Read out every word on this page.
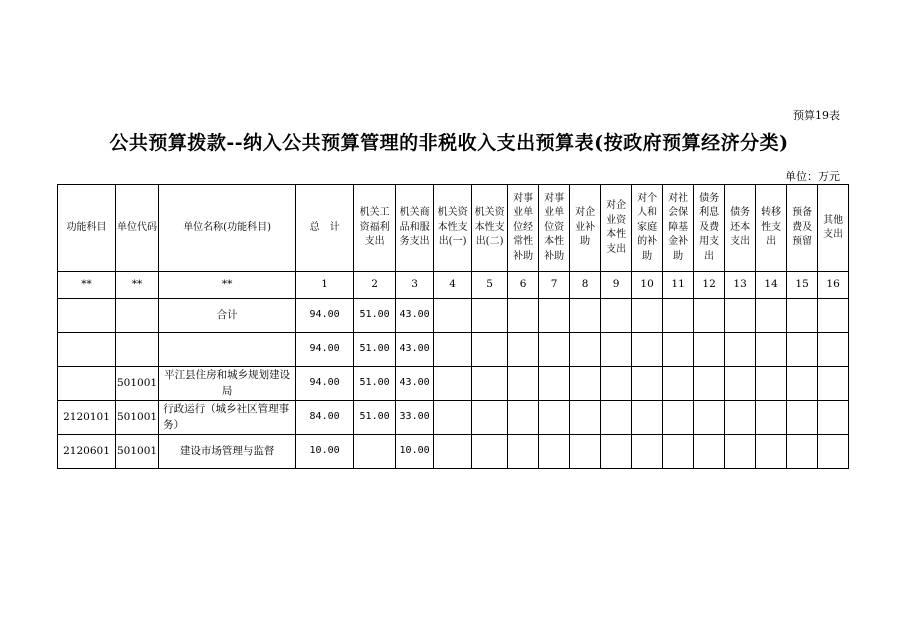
预算19表
公共预算拨款--纳入公共预算管理的非税收入支出预算表(按政府预算经济分类)
单位：万元
功能科目	单位代码	单位名称(功能科目)	总　计	机关工资福利支出	机关商品和服务支出	机关资本性支出(一)	机关资本性支出(二)	对事业单位经常性补助	对事业单位资本性补助	对企业补助	对企业资本性支出	对个人和家庭的补助	对社会保障基金补助	债务利息及费用支出	债务还本支出	转移性支出	预备费及预留	其他支出
**	**	**	1	2	3	4	5	6	7	8	9	10	11	12	13	14	15	16
		合计	94.00	51.00	43.00													
			94.00	51.00	43.00													
	501001	平江县住房和城乡规划建设局	94.00	51.00	43.00													
2120101	501001	行政运行（城乡社区管理事务）	84.00	51.00	33.00													
2120601	501001	建设市场管理与监督	10.00		10.00													
